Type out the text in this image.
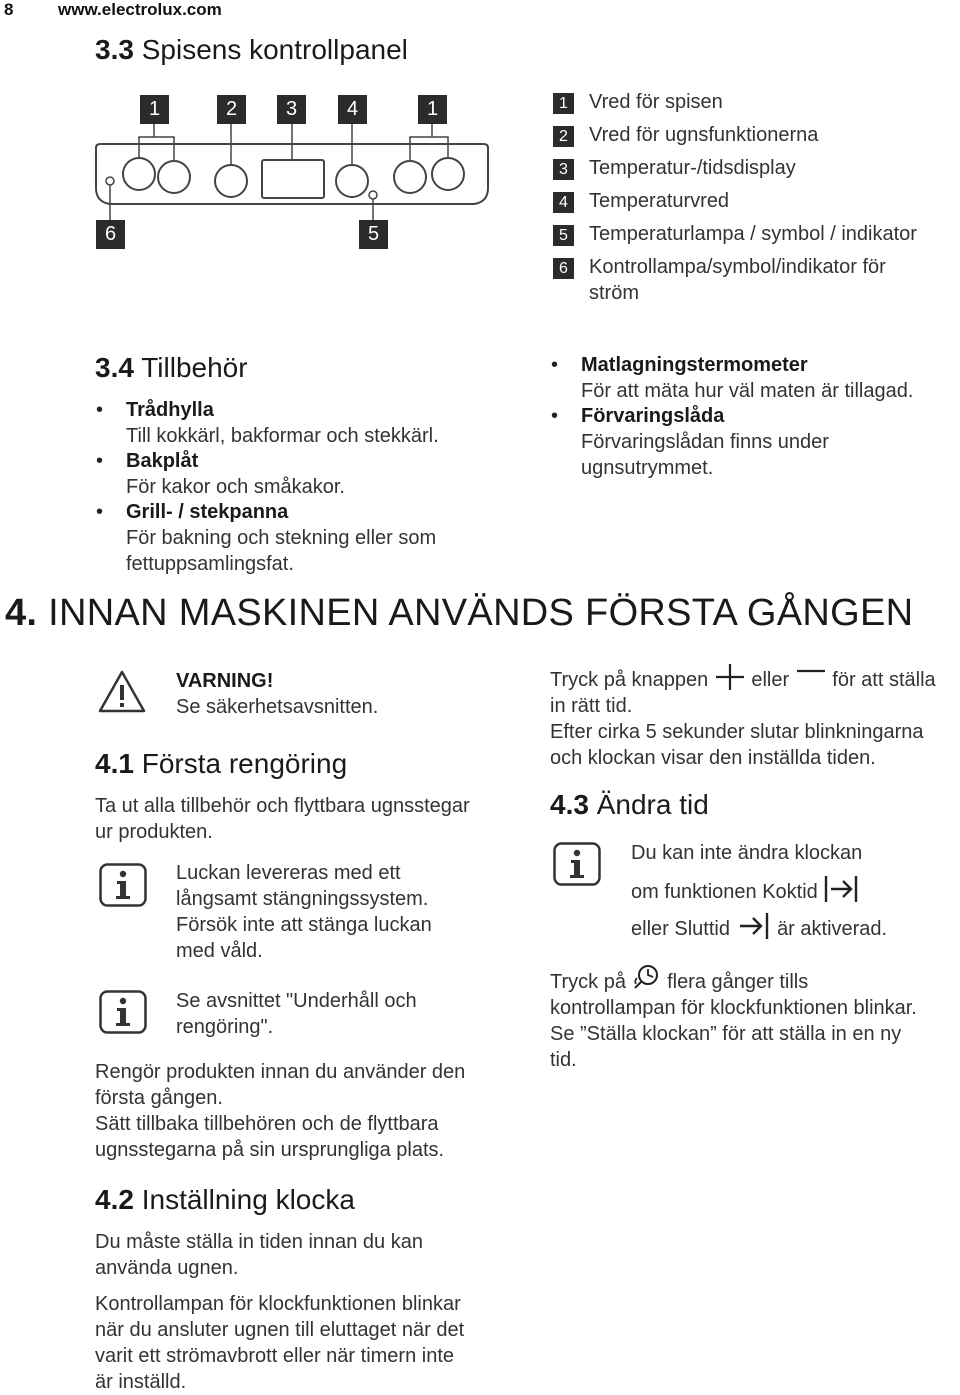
8	www.electrolux.com
3.3 Spisens kontrollpanel
1	2	3	4	1
6	5
1	Vred för spisen
2	Vred för ugnsfunktionerna
3	Temperatur-/tidsdisplay
4	Temperaturvred
5	Temperaturlampa / symbol / indikator
6	Kontrollampa/symbol/indikator för
ström
3.4 Tillbehör
• Trådhylla
Till kokkärl, bakformar och stekkärl.
• Bakplåt
För kakor och småkakor.
• Grill- / stekpanna
För bakning och stekning eller som
fettuppsamlingsfat.
• Matlagningstermometer
För att mäta hur väl maten är tillagad.
• Förvaringslåda
Förvaringslådan finns under
ugnsutrymmet.
4. INNAN MASKINEN ANVÄNDS FÖRSTA GÅNGEN
VARNING!
Se säkerhetsavsnitten.
4.1 Första rengöring
Ta ut alla tillbehör och flyttbara ugnsstegar
ur produkten.
Luckan levereras med ett
långsamt stängningssystem.
Försök inte att stänga luckan
med våld.
Se avsnittet "Underhåll och
rengöring".
Rengör produkten innan du använder den
första gången.
Sätt tillbaka tillbehören och de flyttbara
ugnsstegarna på sin ursprungliga plats.
4.2 Inställning klocka
Du måste ställa in tiden innan du kan
använda ugnen.
Kontrollampan för klockfunktionen blinkar
när du ansluter ugnen till eluttaget när det
varit ett strömavbrott eller när timern inte
är inställd.
Tryck på knappen eller för att ställa
in rätt tid.
Efter cirka 5 sekunder slutar blinkningarna
och klockan visar den inställda tiden.
4.3 Ändra tid
Du kan inte ändra klockan
om funktionen Koktid
eller Sluttid är aktiverad.
Tryck på flera gånger tills
kontrollampan för klockfunktionen blinkar.
Se ”Ställa klockan” för att ställa in en ny
tid.
